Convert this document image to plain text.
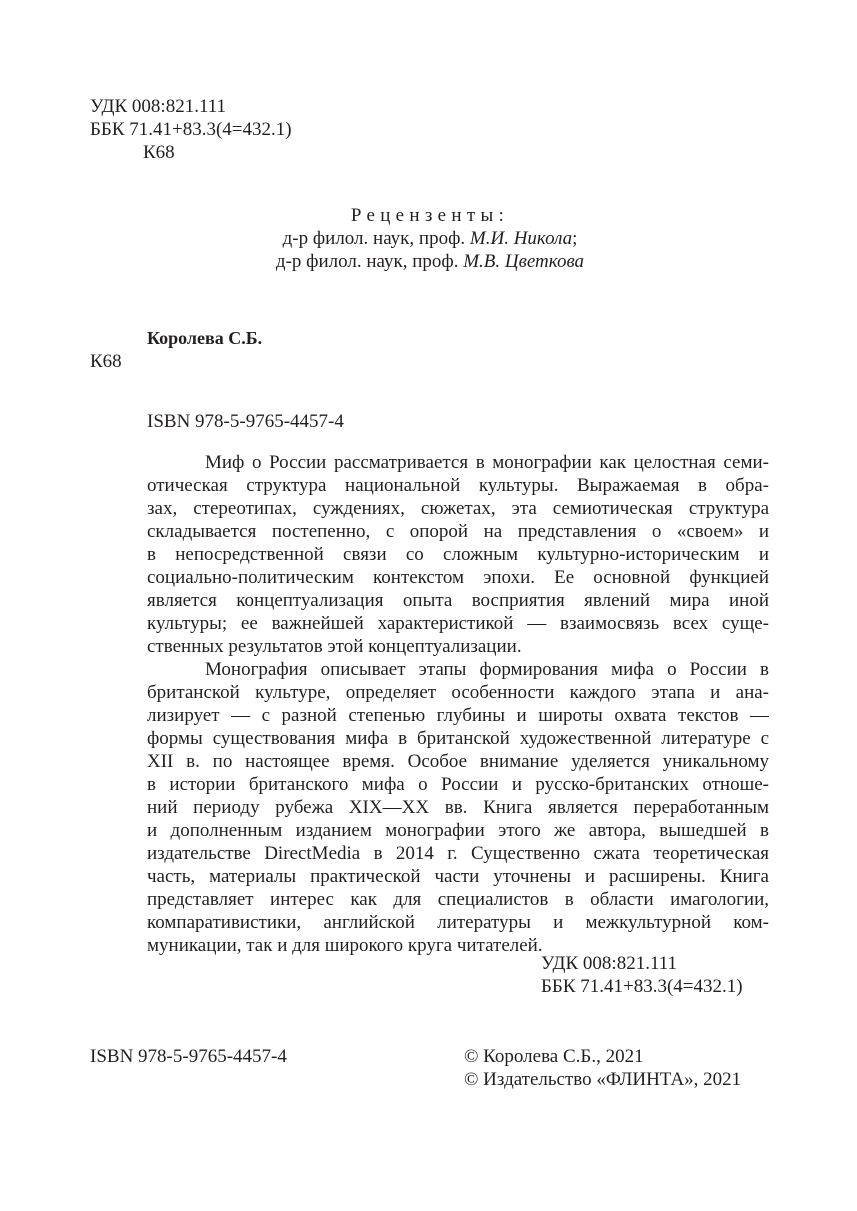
УДК 008:821.111
ББК 71.41+83.3(4=432.1)
К68
Рецензенты:
д-р филол. наук, проф. М.И. Никола;
д-р филол. наук, проф. М.В. Цветкова
Королева С.Б.
К68
ISBN 978-5-9765-4457-4
Миф о России рассматривается в монографии как целостная семи-
отическая структура национальной культуры. Выражаемая в обра-
зах, стереотипах, суждениях, сюжетах, эта семиотическая структура
складывается постепенно, с опорой на представления о «своем» и
в непосредственной связи со сложным культурно-историческим и
социально-политическим контекстом эпохи. Ее основной функцией
является концептуализация опыта восприятия явлений мира иной
культуры; ее важнейшей характеристикой — взаимосвязь всех суще-
ственных результатов этой концептуализации.
Монография описывает этапы формирования мифа о России в
британской культуре, определяет особенности каждого этапа и ана-
лизирует — с разной степенью глубины и широты охвата текстов —
формы существования мифа в британской художественной литературе с
XII в. по настоящее время. Особое внимание уделяется уникальному
в истории британского мифа о России и русско-британских отноше-
ний периоду рубежа XIX—XX вв. Книга является переработанным
и дополненным изданием монографии этого же автора, вышедшей в
издательстве DirectMedia в 2014 г. Существенно сжата теоретическая
часть, материалы практической части уточнены и расширены. Книга
представляет интерес как для специалистов в области имагологии,
компаративистики, английской литературы и межкультурной ком-
муникации, так и для широкого круга читателей.
УДК 008:821.111
ББК 71.41+83.3(4=432.1)
ISBN 978-5-9765-4457-4	© Королева С.Б., 2021
© Издательство «ФЛИНТА», 2021
